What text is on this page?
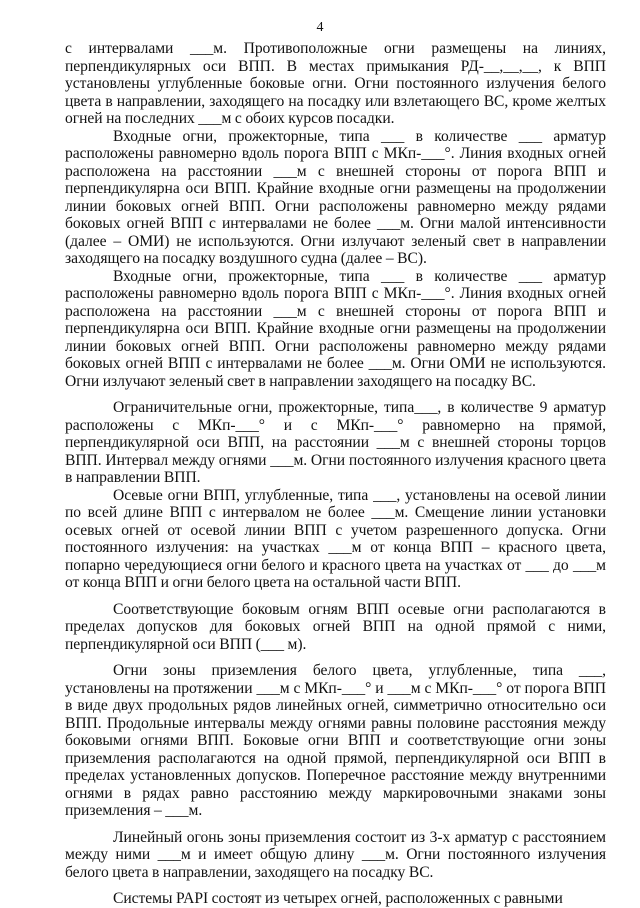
4

с интервалами ___м. Противоположные огни размещены на линиях, перпендикулярных оси ВПП. В местах примыкания РД-__,__,__, к ВПП установлены углубленные боковые огни. Огни постоянного излучения белого цвета в направлении, заходящего на посадку или взлетающего ВС, кроме желтых огней на последних ___м с обоих курсов посадки.

Входные огни, прожекторные, типа ___ в количестве ___ арматур расположены равномерно вдоль порога ВПП с МКп-___°. Линия входных огней расположена на расстоянии ___м с внешней стороны от порога ВПП и перпендикулярна оси ВПП. Крайние входные огни размещены на продолжении линии боковых огней ВПП. Огни расположены равномерно между рядами боковых огней ВПП с интервалами не более ___м. Огни малой интенсивности (далее – ОМИ) не используются. Огни излучают зеленый свет в направлении заходящего на посадку воздушного судна (далее – ВС).

Входные огни, прожекторные, типа ___ в количестве ___ арматур расположены равномерно вдоль порога ВПП с МКп-___°. Линия входных огней расположена на расстоянии ___м с внешней стороны от порога ВПП и перпендикулярна оси ВПП. Крайние входные огни размещены на продолжении линии боковых огней ВПП. Огни расположены равномерно между рядами боковых огней ВПП с интервалами не более ___м. Огни ОМИ не используются. Огни излучают зеленый свет в направлении заходящего на посадку ВС.

Ограничительные огни, прожекторные, типа___, в количестве 9 арматур расположены с МКп-___° и с МКп-___° равномерно на прямой, перпендикулярной оси ВПП, на расстоянии ___м с внешней стороны торцов ВПП. Интервал между огнями ___м. Огни постоянного излучения красного цвета в направлении ВПП.

Осевые огни ВПП, углубленные, типа ___, установлены на осевой линии по всей длине ВПП с интервалом не более ___м. Смещение линии установки осевых огней от осевой линии ВПП с учетом разрешенного допуска. Огни постоянного излучения: на участках ___м от конца ВПП – красного цвета, попарно чередующиеся огни белого и красного цвета на участках от ___ до ___м от конца ВПП и огни белого цвета на остальной части ВПП.

Соответствующие боковым огням ВПП осевые огни располагаются в пределах допусков для боковых огней ВПП на одной прямой с ними, перпендикулярной оси ВПП (___ м).

Огни зоны приземления белого цвета, углубленные, типа ___, установлены на протяжении ___м с МКп-___° и ___м с МКп-___° от порога ВПП в виде двух продольных рядов линейных огней, симметрично относительно оси ВПП. Продольные интервалы между огнями равны половине расстояния между боковыми огнями ВПП. Боковые огни ВПП и соответствующие огни зоны приземления располагаются на одной прямой, перпендикулярной оси ВПП в пределах установленных допусков. Поперечное расстояние между внутренними огнями в рядах равно расстоянию между маркировочными знаками зоны приземления – ___м.

Линейный огонь зоны приземления состоит из 3-х арматур с расстоянием между ними ___м и имеет общую длину ___м. Огни постоянного излучения белого цвета в направлении, заходящего на посадку ВС.

Системы PAPI состоят из четырех огней, расположенных с равными
